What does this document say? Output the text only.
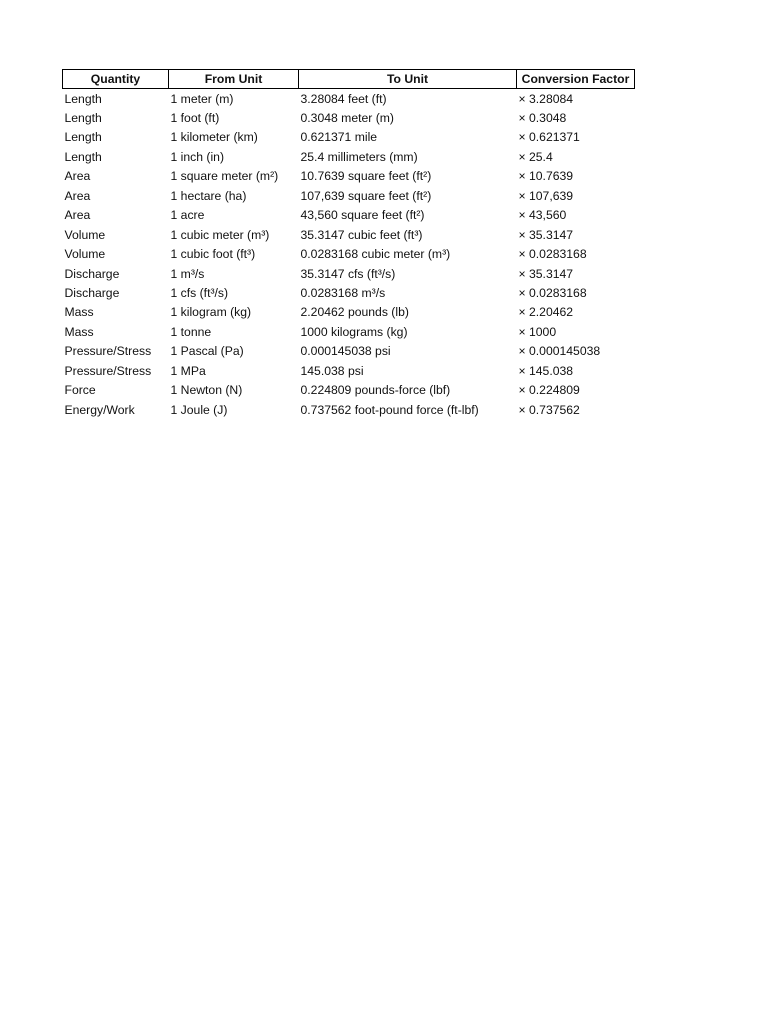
Quantity	From Unit	To Unit	Conversion Factor
Length	1 meter (m)	3.28084 feet (ft)	× 3.28084
Length	1 foot (ft)	0.3048 meter (m)	× 0.3048
Length	1 kilometer (km)	0.621371 mile	× 0.621371
Length	1 inch (in)	25.4 millimeters (mm)	× 25.4
Area	1 square meter (m²)	10.7639 square feet (ft²)	× 10.7639
Area	1 hectare (ha)	107,639 square feet (ft²)	× 107,639
Area	1 acre	43,560 square feet (ft²)	× 43,560
Volume	1 cubic meter (m³)	35.3147 cubic feet (ft³)	× 35.3147
Volume	1 cubic foot (ft³)	0.0283168 cubic meter (m³)	× 0.0283168
Discharge	1 m³/s	35.3147 cfs (ft³/s)	× 35.3147
Discharge	1 cfs (ft³/s)	0.0283168 m³/s	× 0.0283168
Mass	1 kilogram (kg)	2.20462 pounds (lb)	× 2.20462
Mass	1 tonne	1000 kilograms (kg)	× 1000
Pressure/Stress	1 Pascal (Pa)	0.000145038 psi	× 0.000145038
Pressure/Stress	1 MPa	145.038 psi	× 145.038
Force	1 Newton (N)	0.224809 pounds-force (lbf)	× 0.224809
Energy/Work	1 Joule (J)	0.737562 foot-pound force (ft-lbf)	× 0.737562
